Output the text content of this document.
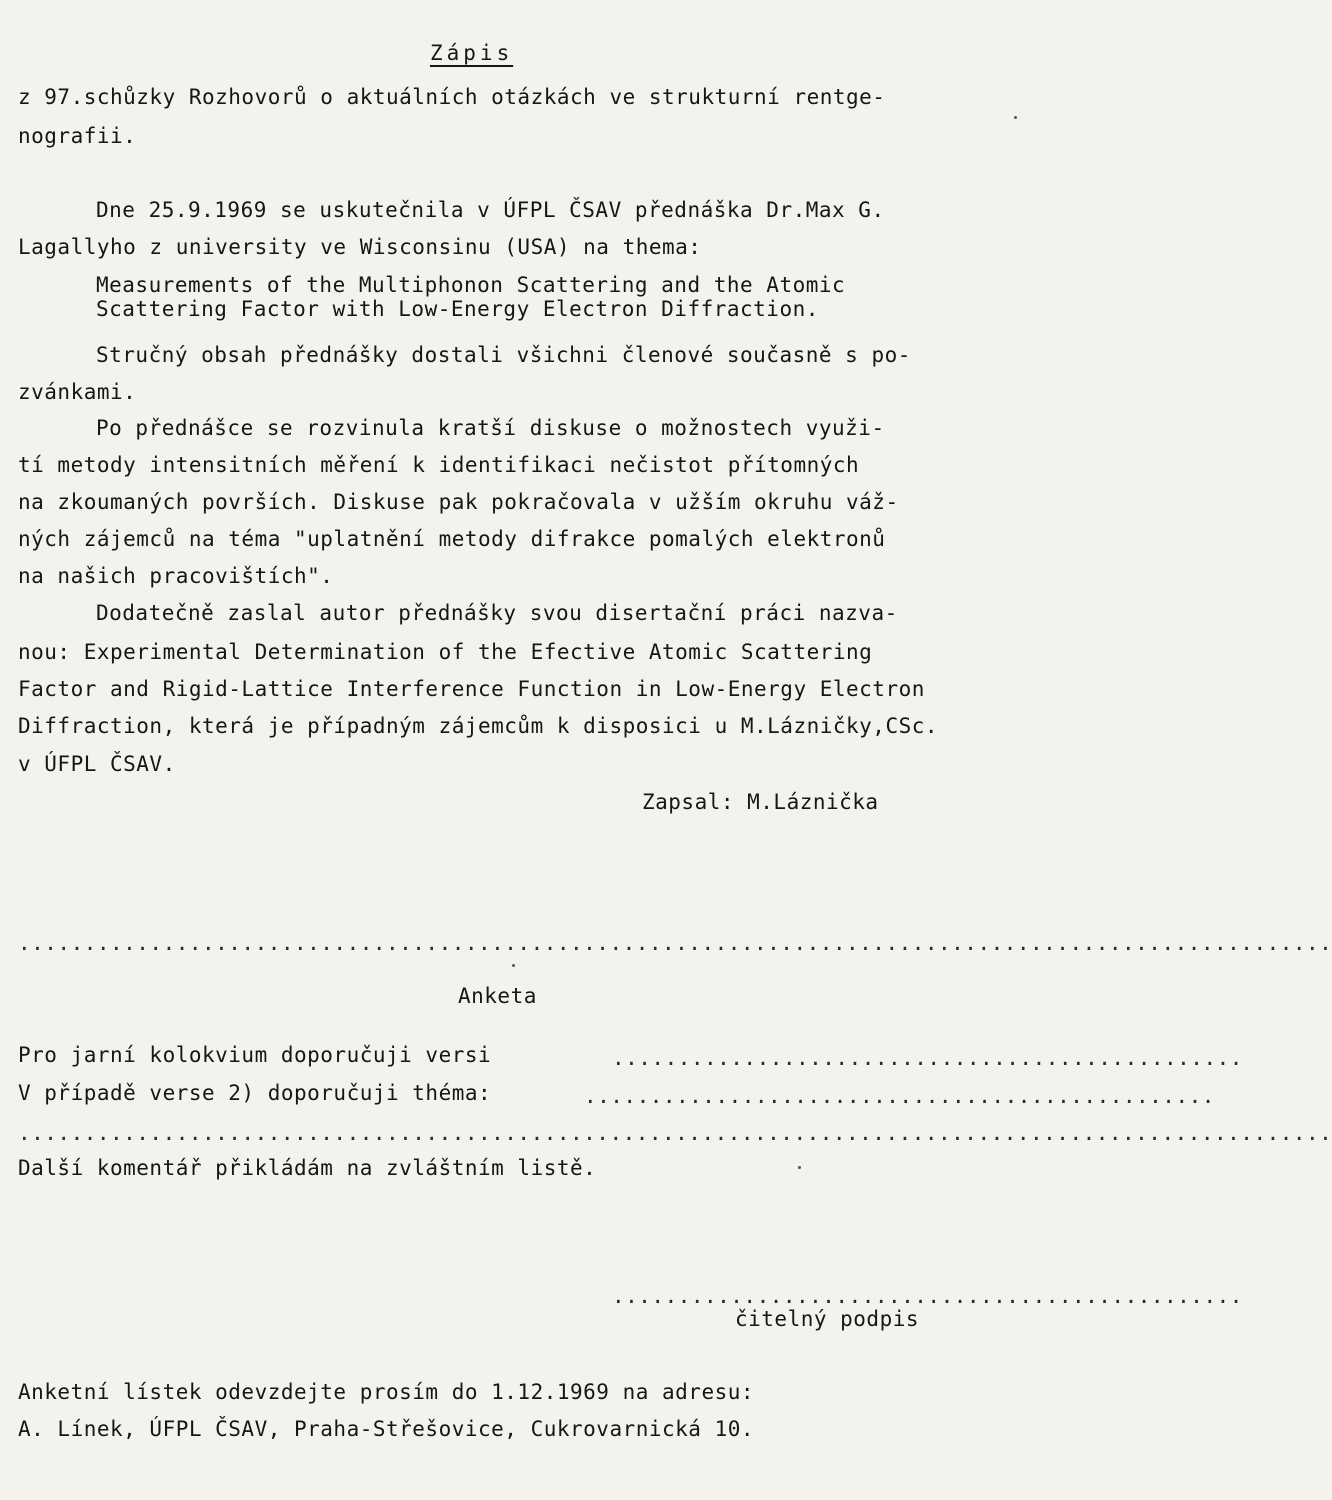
Zápis

z 97.schůzky Rozhovorů o aktuálních otázkách ve strukturní rentge-

nografii.

Dne 25.9.1969 se uskutečnila v ÚFPL ČSAV přednáška Dr.Max G.

Lagallyho z university ve Wisconsinu (USA) na thema:

Measurements of the Multiphonon Scattering and the Atomic

Scattering Factor with Low-Energy Electron Diffraction.

Stručný obsah přednášky dostali všichni členové současně s po-

zvánkami.

Po přednášce se rozvinula kratší diskuse o možnostech využi-

tí metody intensitních měření k identifikaci nečistot přítomných

na zkoumaných površích. Diskuse pak pokračovala v užším okruhu váž-

ných zájemců na téma "uplatnění metody difrakce pomalých elektronů

na našich pracovištích".

Dodatečně zaslal autor přednášky svou disertační práci nazva-

nou: Experimental Determination of the Efective Atomic Scattering

Factor and Rigid-Lattice Interference Function in Low-Energy Electron

Diffraction, která je případným zájemcům k disposici u M.Lázničky,CSc.

v ÚFPL ČSAV.

Zapsal: M.Láznička

....................................................................................................

Anketa

Pro jarní kolokvium doporučuji versi	................................................

V případě verse 2) doporučuji théma:	................................................
....................................................................................................

Další komentář přikládám na zvláštním listě.

................................................

čitelný podpis

Anketní lístek odevzdejte prosím do 1.12.1969 na adresu:

A. Línek, ÚFPL ČSAV, Praha-Střešovice, Cukrovarnická 10.
